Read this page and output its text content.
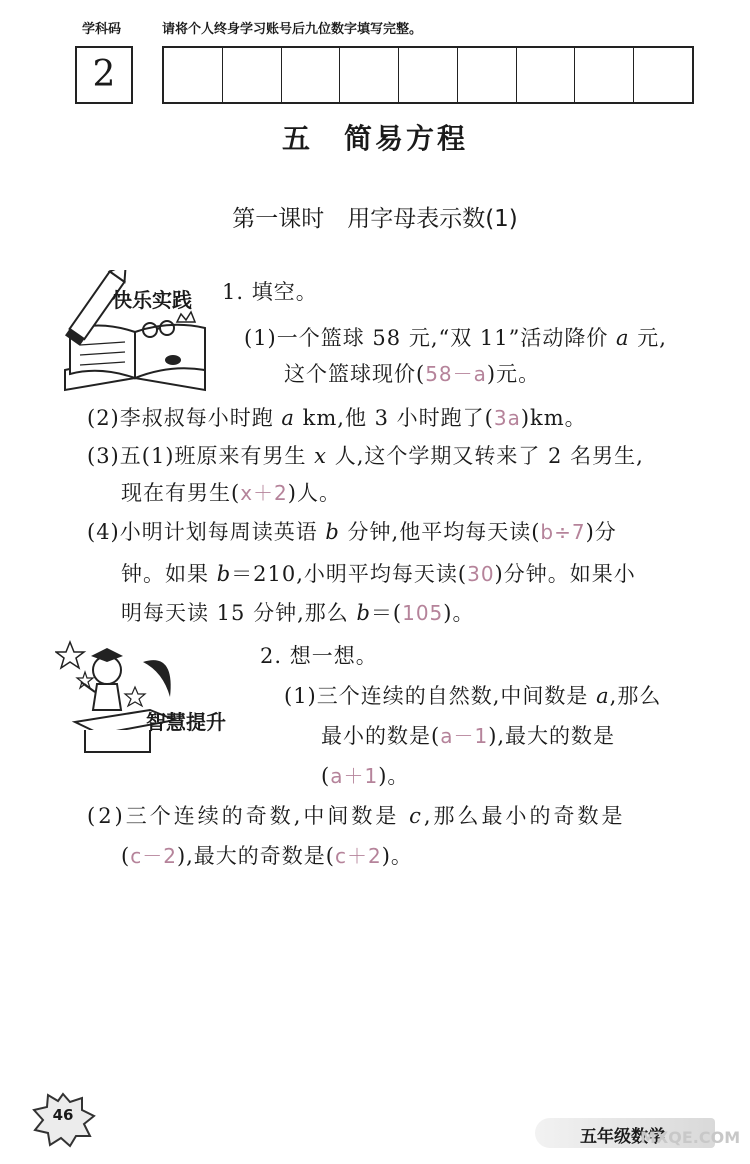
学科码	请将个人终身学习账号后九位数字填写完整。
2
五　简易方程
第一课时　用字母表示数(1)
快乐实践 1. 填空。
(1)一个篮球 58 元,“双 11”活动降价 a 元,
这个篮球现价(58－a)元。
(2)李叔叔每小时跑 a km,他 3 小时跑了(3a)km。
(3)五(1)班原来有男生 x 人,这个学期又转来了 2 名男生,
现在有男生(x＋2)人。
(4)小明计划每周读英语 b 分钟,他平均每天读(b÷7)分
钟。如果 b＝210,小明平均每天读(30)分钟。如果小
明每天读 15 分钟,那么 b＝(105)。
智慧提升
2. 想一想。
(1)三个连续的自然数,中间数是 a,那么
最小的数是(a－1),最大的数是
(a＋1)。
(2)三个连续的奇数,中间数是 c,那么最小的奇数是
(c－2),最大的奇数是(c＋2)。
46
五年级数学
MXQE.COM
